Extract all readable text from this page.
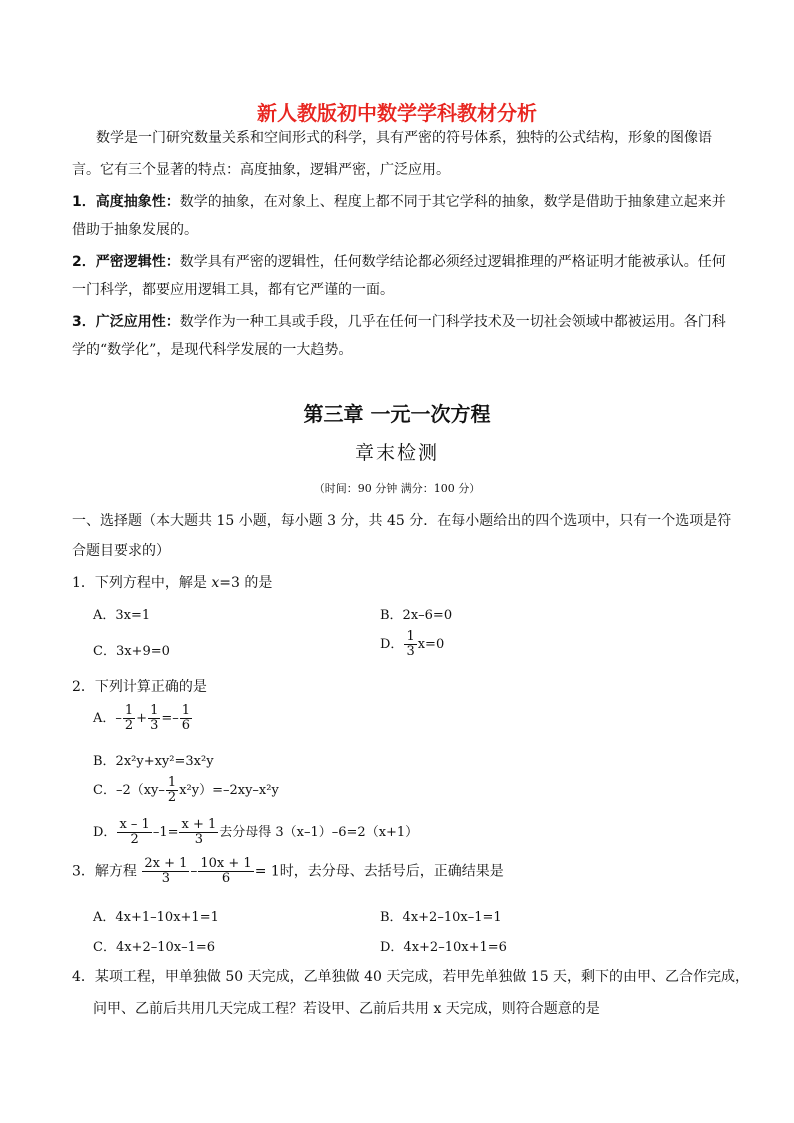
新人教版初中数学学科教材分析
数学是一门研究数量关系和空间形式的科学，具有严密的符号体系，独特的公式结构，形象的图像语
言。它有三个显著的特点：高度抽象，逻辑严密，广泛应用。
1．高度抽象性：数学的抽象，在对象上、程度上都不同于其它学科的抽象，数学是借助于抽象建立起来并
借助于抽象发展的。
2．严密逻辑性：数学具有严密的逻辑性，任何数学结论都必须经过逻辑推理的严格证明才能被承认。任何
一门科学，都要应用逻辑工具，都有它严谨的一面。
3．广泛应用性：数学作为一种工具或手段，几乎在任何一门科学技术及一切社会领域中都被运用。各门科
学的“数学化”，是现代科学发展的一大趋势。
第三章 一元一次方程
章末检测
（时间：90 分钟 满分：100 分）
一、选择题（本大题共 15 小题，每小题 3 分，共 45 分．在每小题给出的四个选项中，只有一个选项是符
合题目要求的）
1．下列方程中，解是 x=3 的是
A．3x=1	B．2x–6=0
C．3x+9=0	D． $\frac{1}{3} x=0$
2．下列计算正确的是
A．– $\frac{1}{2} + \frac{1}{3} =- \frac{1}{6}$
B．2x²y+xy²=3x²y
C．$-2(xy- \frac{1}{2} x^2y)=-2xy-x^2y$
D． $\frac{x - 1}{2} -1= \frac{x + 1}{3}$ 去分母得 3（x–1）–6=2（x+1）
3．解方程 $\frac{2x + 1}{3} - \frac{10x + 1}{6} = 1$时，去分母、去括号后，正确结果是
A．4x+1–10x+1=1	B．4x+2–10x–1=1
C．4x+2–10x–1=6	D．4x+2–10x+1=6
4．某项工程，甲单独做 50 天完成，乙单独做 40 天完成，若甲先单独做 15 天，剩下的由甲、乙合作完成，
问甲、乙前后共用几天完成工程？若设甲、乙前后共用 x 天完成，则符合题意的是
